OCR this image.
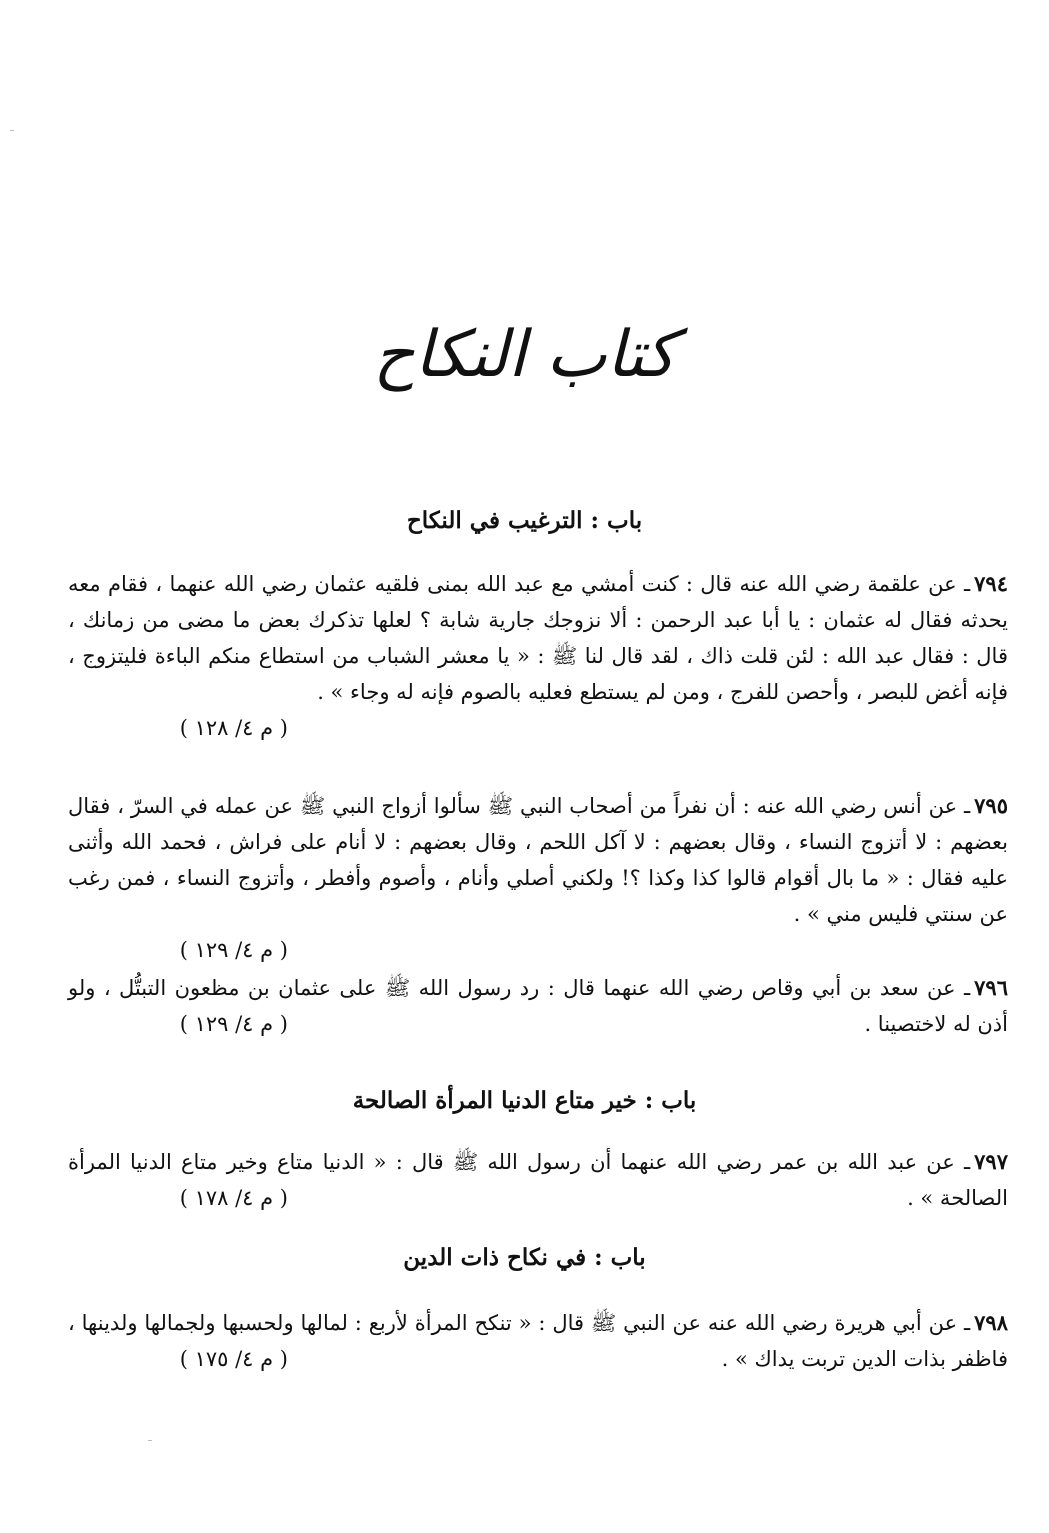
كتاب النكاح
باب : الترغيب في النكاح
٧٩٤ـ عن علقمة رضي الله عنه قال : كنت أمشي مع عبد الله بمنى فلقيه عثمان رضي الله عنهما ، فقام معه يحدثه فقال له عثمان : يا أبا عبد الرحمن : ألا نزوجك جارية شابة ؟ لعلها تذكرك بعض ما مضى من زمانك ، قال : فقال عبد الله : لئن قلت ذاك ، لقد قال لنا ﷺ : « يا معشر الشباب من استطاع منكم الباءة فليتزوج ، فإنه أغض للبصر ، وأحصن للفرج ، ومن لم يستطع فعليه بالصوم فإنه له وجاء » .
( م ٤/ ١٢٨ )
٧٩٥ـ عن أنس رضي الله عنه : أن نفراً من أصحاب النبي ﷺ سألوا أزواج النبي ﷺ عن عمله في السرّ ، فقال بعضهم : لا أتزوج النساء ، وقال بعضهم : لا آكل اللحم ، وقال بعضهم : لا أنام على فراش ، فحمد الله وأثنى عليه فقال : « ما بال أقوام قالوا كذا وكذا ؟! ولكني أصلي وأنام ، وأصوم وأفطر ، وأتزوج النساء ، فمن رغب عن سنتي فليس مني » .
( م ٤/ ١٢٩ )
٧٩٦ـ عن سعد بن أبي وقاص رضي الله عنهما قال : رد رسول الله ﷺ على عثمان بن مظعون التبتُّل ، ولو أذن له لاختصينا .
( م ٤/ ١٢٩ )
باب : خير متاع الدنيا المرأة الصالحة
٧٩٧ـ عن عبد الله بن عمر رضي الله عنهما أن رسول الله ﷺ قال : « الدنيا متاع وخير متاع الدنيا المرأة الصالحة » .
( م ٤/ ١٧٨ )
باب : في نكاح ذات الدين
٧٩٨ـ عن أبي هريرة رضي الله عنه عن النبي ﷺ قال : « تنكح المرأة لأربع : لمالها ولحسبها ولجمالها ولدينها ، فاظفر بذات الدين تربت يداك » .
( م ٤/ ١٧٥ )
